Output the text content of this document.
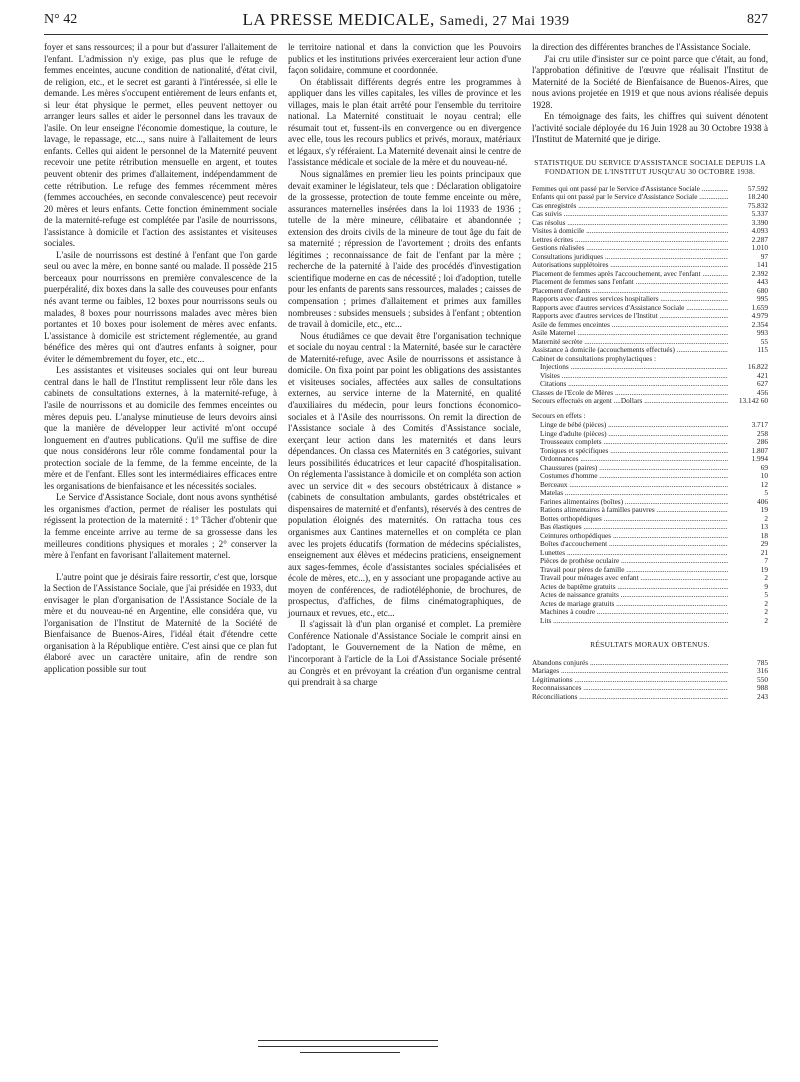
N° 42	LA PRESSE MEDICALE, Samedi, 27 Mai 1939	827

foyer et sans ressources; il a pour but d'assurer l'allaitement de l'enfant. L'admission n'y exige, pas plus que le refuge de femmes enceintes, aucune condition de nationalité, d'état civil, de religion, etc., et le secret est garanti à l'intéressée, si elle le demande. Les mères s'occupent entièrement de leurs enfants et, si leur état physique le permet, elles peuvent nettoyer ou arranger leurs salles et aider le personnel dans les travaux de l'asile. On leur enseigne l'économie domestique, la couture, le lavage, le repassage, etc..., sans nuire à l'allaitement de leurs enfants. Celles qui aident le personnel de la Maternité peuvent recevoir une petite rétribution mensuelle en argent, et toutes peuvent obtenir des primes d'allaitement, indépendamment de cette rétribution. Le refuge des femmes récemment mères (femmes accouchées, en seconde convalescence) peut recevoir 20 mères et leurs enfants. Cette fonction éminemment sociale de la maternité-refuge est complétée par l'asile de nourrissons, l'assistance à domicile et l'action des assistantes et visiteuses sociales.

L'asile de nourrissons est destiné à l'enfant que l'on garde seul ou avec la mère, en bonne santé ou malade. Il possède 215 berceaux pour nourrissons en première convalescence de la puerpéralité, dix boxes dans la salle des couveuses pour enfants nés avant terme ou faibles, 12 boxes pour nourrissons seuls ou malades, 8 boxes pour nourrissons malades avec mères bien portantes et 10 boxes pour isolement de mères avec enfants. L'assistance à domicile est strictement réglementée, au grand bénéfice des mères qui ont d'autres enfants à soigner, pour éviter le démembrement du foyer, etc., etc...

Les assistantes et visiteuses sociales qui ont leur bureau central dans le hall de l'Institut remplissent leur rôle dans les cabinets de consultations externes, à la maternité-refuge, à l'asile de nourrissons et au domicile des femmes enceintes ou mères depuis peu. L'analyse minutieuse de leurs devoirs ainsi que la manière de développer leur activité m'ont occupé longuement en d'autres publications. Qu'il me suffise de dire que nous considérons leur rôle comme fondamental pour la protection sociale de la femme, de la femme enceinte, de la mère et de l'enfant. Elles sont les intermédiaires efficaces entre les organisations de bienfaisance et les nécessités sociales.

Le Service d'Assistance Sociale, dont nous avons synthétisé les organismes d'action, permet de réaliser les postulats qui régissent la protection de la maternité : 1° Tâcher d'obtenir que la femme enceinte arrive au terme de sa grossesse dans les meilleures conditions physiques et morales ; 2° conserver la mère à l'enfant en favorisant l'allaitement maternel.

L'autre point que je désirais faire ressortir, c'est que, lorsque la Section de l'Assistance Sociale, que j'ai présidée en 1933, dut envisager le plan d'organisation de l'Assistance Sociale de la mère et du nouveau-né en Argentine, elle considéra que, vu l'organisation de l'Institut de Maternité de la Société de Bienfaisance de Buenos-Aires, l'idéal était d'étendre cette organisation à la République entière. C'est ainsi que ce plan fut élaboré avec un caractère unitaire, afin de rendre son application possible sur tout

le territoire national et dans la conviction que les Pouvoirs publics et les institutions privées exerceraient leur action d'une façon solidaire, commune et coordonnée.

On établissait différents degrés entre les programmes à appliquer dans les villes capitales, les villes de province et les villages, mais le plan était arrêté pour l'ensemble du territoire national. La Maternité constituait le noyau central; elle résumait tout et, fussent-ils en convergence ou en divergence avec elle, tous les recours publics et privés, moraux, matériaux et légaux, s'y référaient. La Maternité devenait ainsi le centre de l'assistance médicale et sociale de la mère et du nouveau-né.

Nous signalâmes en premier lieu les points principaux que devait examiner le législateur, tels que : Déclaration obligatoire de la grossesse, protection de toute femme enceinte ou mère, assurances maternelles insérées dans la loi 11933 de 1936 ; tutelle de la mère mineure, célibataire et abandonnée ; extension des droits civils de la mineure de tout âge du fait de sa maternité ; répression de l'avortement ; droits des enfants légitimes ; reconnaissance de fait de l'enfant par la mère ; recherche de la paternité à l'aide des procédés d'investigation scientifique moderne en cas de nécessité ; loi d'adoption, tutelle pour les enfants de parents sans ressources, malades ; caisses de compensation ; primes d'allaitement et primes aux familles nombreuses : subsides mensuels ; subsides à l'enfant ; obtention de travail à domicile, etc., etc...

Nous étudiâmes ce que devait être l'organisation technique et sociale du noyau central : la Maternité, basée sur le caractère de Maternité-refuge, avec Asile de nourrissons et assistance à domicile. On fixa point par point les obligations des assistantes et visiteuses sociales, affectées aux salles de consultations externes, au service interne de la Maternité, en qualité d'auxiliaires du médecin, pour leurs fonctions économico-sociales et à l'Asile des nourrissons. On remit la direction de l'Assistance sociale à des Comités d'Assistance sociale, exerçant leur action dans les maternités et dans leurs dépendances. On classa ces Maternités en 3 catégories, suivant leurs possibilités éducatrices et leur capacité d'hospitalisation. On réglementa l'assistance à domicile et on compléta son action avec un service dit « des secours obstétricaux à distance » (cabinets de consultation ambulants, gardes obstétricales et dispensaires de maternité et d'enfants), réservés à des centres de population éloignés des maternités. On rattacha tous ces organismes aux Cantines maternelles et on compléta ce plan avec les projets éducatifs (formation de médecins spécialistes, enseignement aux élèves et médecins praticiens, enseignement aux sages-femmes, école d'assistantes sociales spécialisées et école de mères, etc...), en y associant une propagande active au moyen de conférences, de radiotéléphonie, de brochures, de prospectus, d'affiches, de films cinématographiques, de journaux et revues, etc., etc...

Il s'agissait là d'un plan organisé et complet. La première Conférence Nationale d'Assistance Sociale le comprit ainsi en l'adoptant, le Gouvernement de la Nation de même, en l'incorporant à l'article de la Loi d'Assistance Sociale présenté au Congrès et en prévoyant la création d'un organisme central qui prendrait à sa charge

la direction des différentes branches de l'Assistance Sociale.

J'ai cru utile d'insister sur ce point parce que c'était, au fond, l'approbation définitive de l'œuvre que réalisait l'Institut de Maternité de la Société de Bienfaisance de Buenos-Aires, que nous avions projetée en 1919 et que nous avions réalisée depuis 1928.

En témoignage des faits, les chiffres qui suivent dénotent l'activité sociale déployée du 16 Juin 1928 au 30 Octobre 1938 à l'Institut de Maternité que je dirige.

STATISTIQUE DU SERVICE D'ASSISTANCE SOCIALE DEPUIS LA FONDATION DE L'INSTITUT JUSQU'AU 30 OCTOBRE 1938.
Femmes qui ont passé par le Service d'Assistance Sociale .....	57.592
Enfants qui ont passé par le Service d'Assistance Sociale .....	18.240
Cas enregistrés .....	75.832
Cas suivis .....	5.337
Cas résolus .....	3.390
Visites à domicile .....	4.093
Lettres écrites .....	2.287
Gestions réalisées .....	1.010
Consultations juridiques .....	97
Autorisations supplétoires .....	141
Placement de femmes après l'accouchement, avec l'enfant .....	2.392
Placement de femmes sans l'enfant .....	443
Placement d'enfants .....	680
Rapports avec d'autres services hospitaliers .....	995
Rapports avec d'autres services d'Assistance Sociale .....	1.659
Rapports avec d'autres services de l'Institut .....	4.979
Asile de femmes enceintes .....	2.354
Asile Maternel .....	993
Maternité secrète .....	55
Assistance à domicile (accouchements effectués) .....	115
Cabinet de consultations prophylactiques :
Injections .....	16.822
Visites .....	421
Citations .....	627
Classes de l'Ecole de Mères .....	456
Secours effectués en argent ....Dollars .....	13.142 60
Secours en effets :
Linge de bébé (pièces) .....	3.717
Linge d'adulte (pièces) .....	258
Trousseaux complets .....	286
Toniques et spécifiques .....	1.807
Ordonnances .....	1.994
Chaussures (paires) .....	69
Costumes d'homme .....	10
Berceaux .....	12
Matelas .....	5
Farines alimentaires (boîtes) .....	406
Rations alimentaires à familles pauvres .....	19
Bottes orthopédiques .....	2
Bas élastiques .....	13
Ceintures orthopédiques .....	18
Boîtes d'accouchement .....	29
Lunettes .....	21
Pièces de prothèse oculaire .....	7
Travail pour pères de famille .....	19
Travail pour ménages avec enfant .....	2
Actes de baptême gratuits .....	9
Actes de naissance gratuits .....	5
Actes de mariage gratuits .....	2
Machines à coudre .....	2
Lits .....	2
RÉSULTATS MORAUX OBTENUS.
Abandons conjurés .....	785
Mariages .....	316
Légitimations .....	550
Reconnaissances .....	988
Réconciliations .....	243
